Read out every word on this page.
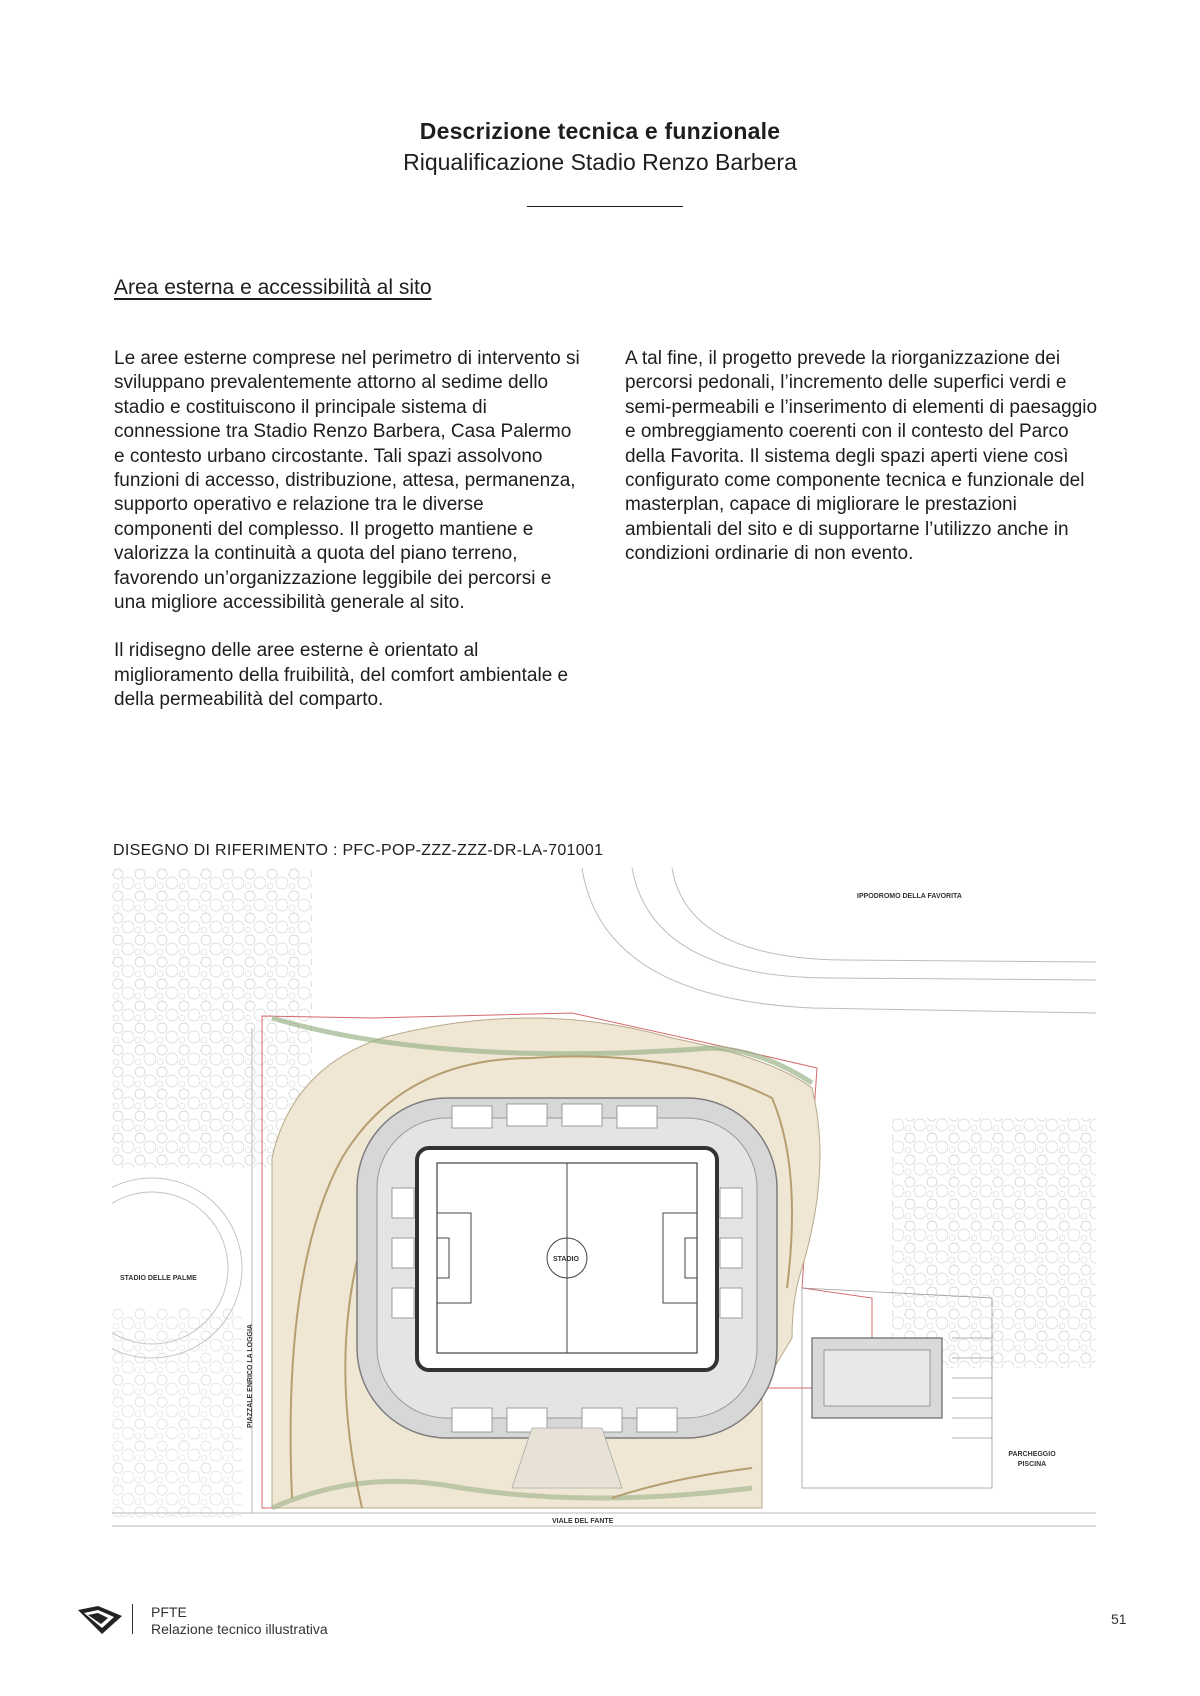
Descrizione tecnica e funzionale
Riqualificazione Stadio Renzo Barbera
Area esterna e accessibilità al sito

Le aree esterne comprese nel perimetro di intervento si sviluppano prevalentemente attorno al sedime dello stadio e costituiscono il principale sistema di connessione tra Stadio Renzo Barbera, Casa Palermo e contesto urbano circostante. Tali spazi assolvono funzioni di accesso, distribuzione, attesa, permanenza, supporto operativo e relazione tra le diverse componenti del complesso. Il progetto mantiene e valorizza la continuità a quota del piano terreno, favorendo un’organizzazione leggibile dei percorsi e una migliore accessibilità generale al sito.

Il ridisegno delle aree esterne è orientato al miglioramento della fruibilità, del comfort ambientale e della permeabilità del comparto.

A tal fine, il progetto prevede la riorganizzazione dei percorsi pedonali, l’incremento delle superfici verdi e semi-permeabili e l’inserimento di elementi di paesaggio e ombreggiamento coerenti con il contesto del Parco della Favorita. Il sistema degli spazi aperti viene così configurato come componente tecnica e funzionale del masterplan, capace di migliorare le prestazioni ambientali del sito e di supportarne l’utilizzo anche in condizioni ordinarie di non evento.

DISEGNO DI RIFERIMENTO : PFC-POP-ZZZ-ZZZ-DR-LA-701001
IPPODROMO DELLA FAVORITA
STADIO DELLE PALME
PIAZZALE ENRICO LA LOGGIA
STADIO
PARCHEGGIO
PISCINA
VIALE DEL FANTE
PFTE
Relazione tecnico illustrativa
51
